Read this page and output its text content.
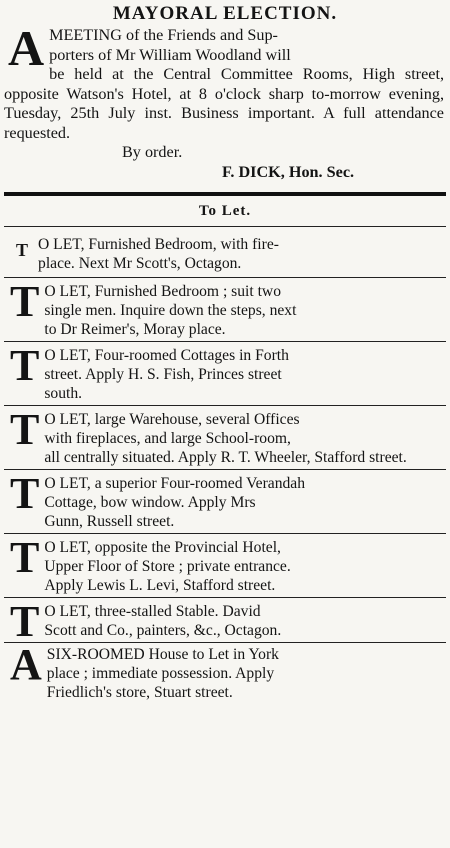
MAYORAL ELECTION.
A MEETING of the Friends and Sup-

porters of Mr William Woodland will

be held at the Central Committee Rooms, High street, opposite Watson's Hotel, at 8 o'clock sharp to-morrow evening, Tuesday, 25th July inst. Business important. A full attendance requested.

By order.

F. DICK, Hon. Sec.

To Let.
T O LET, Furnished Bedroom, with fire-

place. Next Mr Scott's, Octagon.

T O LET, Furnished Bedroom ; suit two

single men. Inquire down the steps, next

to Dr Reimer's, Moray place.

T O LET, Four-roomed Cottages in Forth

street. Apply H. S. Fish, Princes street

south.

T O LET, large Warehouse, several Offices

with fireplaces, and large School-room,

all centrally situated. Apply R. T. Wheeler, Stafford street.

T O LET, a superior Four-roomed Verandah

Cottage, bow window. Apply Mrs

Gunn, Russell street.

T O LET, opposite the Provincial Hotel,

Upper Floor of Store ; private entrance.

Apply Lewis L. Levi, Stafford street.

T O LET, three-stalled Stable. David

Scott and Co., painters, &c., Octagon.

A SIX-ROOMED House to Let in York

place ; immediate possession. Apply

Friedlich's store, Stuart street.
